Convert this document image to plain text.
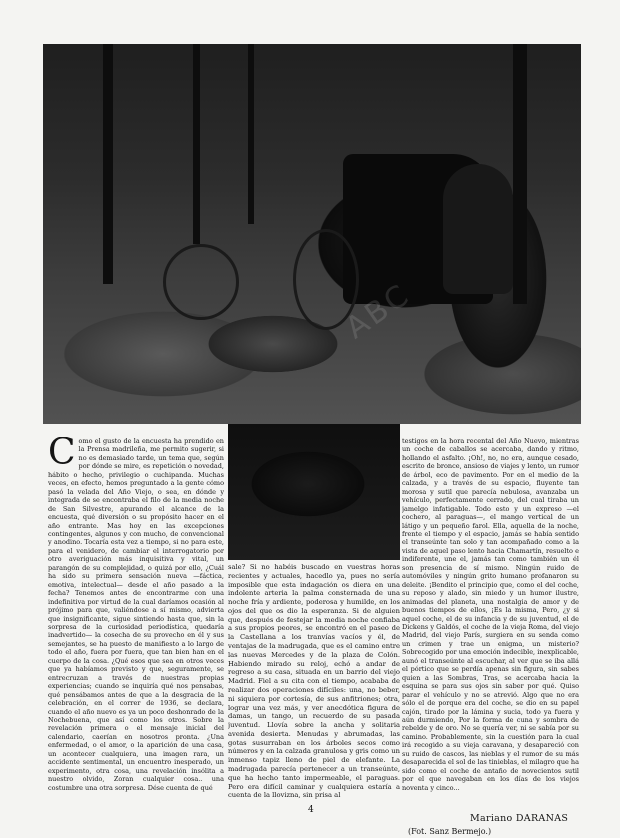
ABC
C omo el gusto de la encuesta ha prendido en la Prensa madrileña, me permito sugerir, si no es demasiado tarde, un tema que, según por dónde se mire, es repetición o novedad, hábito o hecho, privilegio o cuchipanda. Muchas veces, en efecto, hemos preguntado a la gente cómo pasó la velada del Año Viejo, o sea, en dónde y integrada de se encontraba el filo de la media noche de San Silvestre, apurando el alcance de la encuesta, qué diversión o su propósito hacer en el año entrante. Mas hoy en las excepciones contingentes, algunos y con mucho, de convencional y anodino. Tocaría esta vez a tiempo, si no para este, para el venidero, de cambiar el interrogatorio por otro averiguación más inquisitiva y vital, un parangón de su complejidad, o quizá por ello, ¿Cuál ha sido su primera sensación nueva —fáctica, emotiva, intelectual— desde el año pasado a la fecha? Tenemos antes de encontrarme con una indefinitiva por virtud de la cual daríamos ocasión al prójimo para que, valiéndose a sí mismo, advierta que insignificante, sigue sintiendo hasta que, sin la sorpresa de la curiosidad periodística, quedaría inadvertido— la cosecha de su provecho en él y sus semejantes, se ha puesto de manifiesto a lo largo de todo el año, fuera por fuera, que tan bien han en el cuerpo de la cosa. ¿Qué esos que sea en otros veces que ya habíamos previsto y que, seguramente, se entrecruzan a través de nuestras propias experiencias; cuando se inquiría qué nos pensabas, qué pensábamos antes de que a la desgracia de la celebración, en el correr de 1936, se declara, cuando el año nuevo es ya un poco deshonrado de la Nochebuena, que así como los otros. Sobre la revelación primera o el mensaje inicial del calendario, caerían en nosotros pronta. ¿Una enfermedad, o el amor, o la aparición de una casa, un acontecer cualquiera, una imagen rara, un accidente sentimental, un encuentro inesperado, un experimento, otra cosa, una revelación insólita a nuestro olvido, Zoran cualquier cosa.. una costumbre una otra sorpresa. Dése cuenta de qué

sale? Si no habéis buscado en vuestras horas recientes y actuales, hacedlo ya, pues no sería imposible que esta indagación os diera en una indolente arteria la palma consternada de una noche fría y ardiente, poderosa y humilde, en los ojos del que os dio la esperanza. Si de alguien que, después de festejar la media noche confiaba a sus propios peores, se encontró en el paseo de la Castellana a los tranvías vacíos y él, de ventajas de la madrugada, que es el camino entre las nuevas Mercedes y de la plaza de Colón. Habiendo mirado su reloj, echó a andar de regreso a su casa, situada en un barrio del viejo Madrid. Fiel a su cita con el tiempo, acababa de realizar dos operaciones difíciles: una, no beber, ni siquiera por cortesía, de sus anfitriones; otra, lograr una vez más, y ver anecdótica figura de damas, un tango, un recuerdo de su pasada juventud. Llovía sobre la ancha y solitaria avenida desierta. Menudas y abrumadas, las gotas susurraban en los árboles secos como números y en la calzada granulosa y gris como un inmenso tapiz lleno de piel de elefante. La madrugada parecía pertenecer a un transeúnte, que ha hecho tanto impermeable, el paraguas. Pero era difícil caminar y cualquiera estaría a cuenta de la llovizna, sin prisa al

testigos en la hora recental del Año Nuevo, mientras un coche de caballos se acercaba, dando y ritmo, hollando el asfalto. ¡Oh!, no, no era, aunque cesado, escrito de bronce, ansioso de viajes y lento, un rumor de árbol, eco de pavimento. Por en el medio de la calzada, y a través de su espacio, fluyente tan morosa y sutil que parecía nebulosa, avanzaba un vehículo, perfectamente cerrado, del cual tiraba un jamelgo infatigable. Todo esto y un expreso —el cochero, al paraguas—, el mango vertical de un látigo y un pequeño farol. Ella, aquella de la noche, frente el tiempo y el espacio, jamás se había sentido el transeúnte tan solo y tan acompañado como a la vista de aquel paso lento hacia Chamartín, resuelto e indiferente, une el, jamás tan como también un él son presencia de sí mismo. Ningún ruido de automóviles y ningún grito humano profanaron su deleite. ¡Bendito el principio que, como el del coche, su reposo y alado, sin miedo y un humor ilustre, animadas del planeta, una nostalgia de amor y de buenos tiempos de ellos, ¡Es la misma, Pero, ¿y si aquel coche, el de su infancia y de su juventud, el de Dickens y Galdós, el coche de la vieja Roma, del viejo Madrid, del viejo París, surgiera en su senda como un crimen y trae un enigma, un misterio? Sobrecogido por una emoción indecible, inexplicable, aunó el transeúnte al escuchar, al ver que se iba allá el pórtico que se perdía apenas sin figura, sin sabes quien a las Sombras, Tras, se acercaba hacia la esquina se para sus ojos sin saber por qué. Quiso parar el vehículo y no se atrevió. Algo que no era sólo el de porque era del coche, se dio en su papel cajón, tirado por la lámina y sucia, todo ya fuera y aún durmiendo, Por la forma de cuna y sombra de rebelde y de oro. No se quería ver, ni se sabía por su camino. Probablemente, sin la cuestión para la cual irá recogido a su vieja caravana, y desapareció con su ruido de cascos, las nieblas y el rumor de su más desaparecida el sol de las tinieblas, el milagro que ha sido como el coche de antaño de novecientos sutil por el que navegaban en los días de los viejos noventa y cinco...

4
Mariano DARANAS
(Fot. Sanz Bermejo.)
